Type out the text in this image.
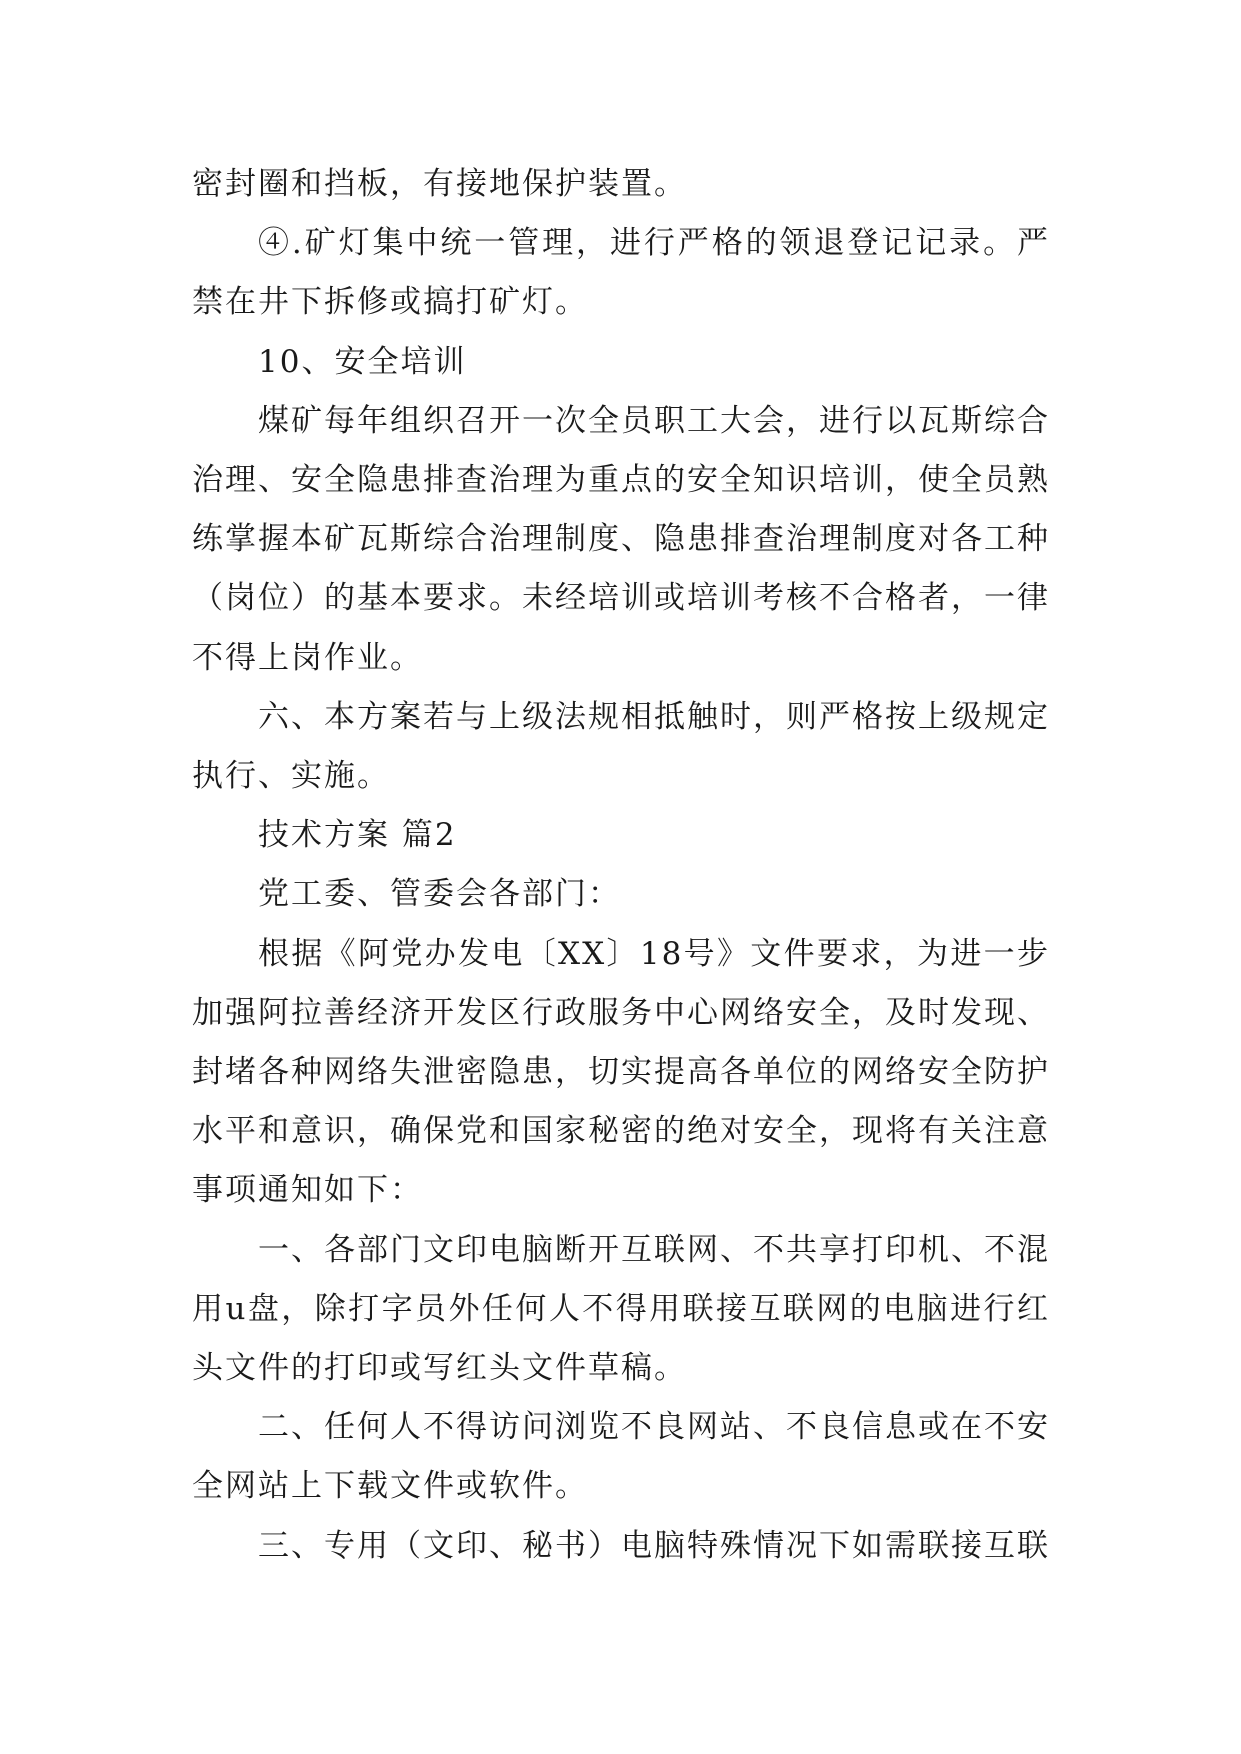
密封圈和挡板，有接地保护装置。

④.矿灯集中统一管理，进行严格的领退登记记录。严禁在井下拆修或搞打矿灯。

10、安全培训

煤矿每年组织召开一次全员职工大会，进行以瓦斯综合治理、安全隐患排查治理为重点的安全知识培训，使全员熟练掌握本矿瓦斯综合治理制度、隐患排查治理制度对各工种（岗位）的基本要求。未经培训或培训考核不合格者，一律不得上岗作业。

六、本方案若与上级法规相抵触时，则严格按上级规定执行、实施。

技术方案 篇2

党工委、管委会各部门：

根据《阿党办发电〔XX〕18号》文件要求，为进一步加强阿拉善经济开发区行政服务中心网络安全，及时发现、封堵各种网络失泄密隐患，切实提高各单位的网络安全防护水平和意识，确保党和国家秘密的绝对安全，现将有关注意事项通知如下：

一、各部门文印电脑断开互联网、不共享打印机、不混用u盘，除打字员外任何人不得用联接互联网的电脑进行红头文件的打印或写红头文件草稿。

二、任何人不得访问浏览不良网站、不良信息或在不安全网站上下载文件或软件。

三、专用（文印、秘书）电脑特殊情况下如需联接互联
